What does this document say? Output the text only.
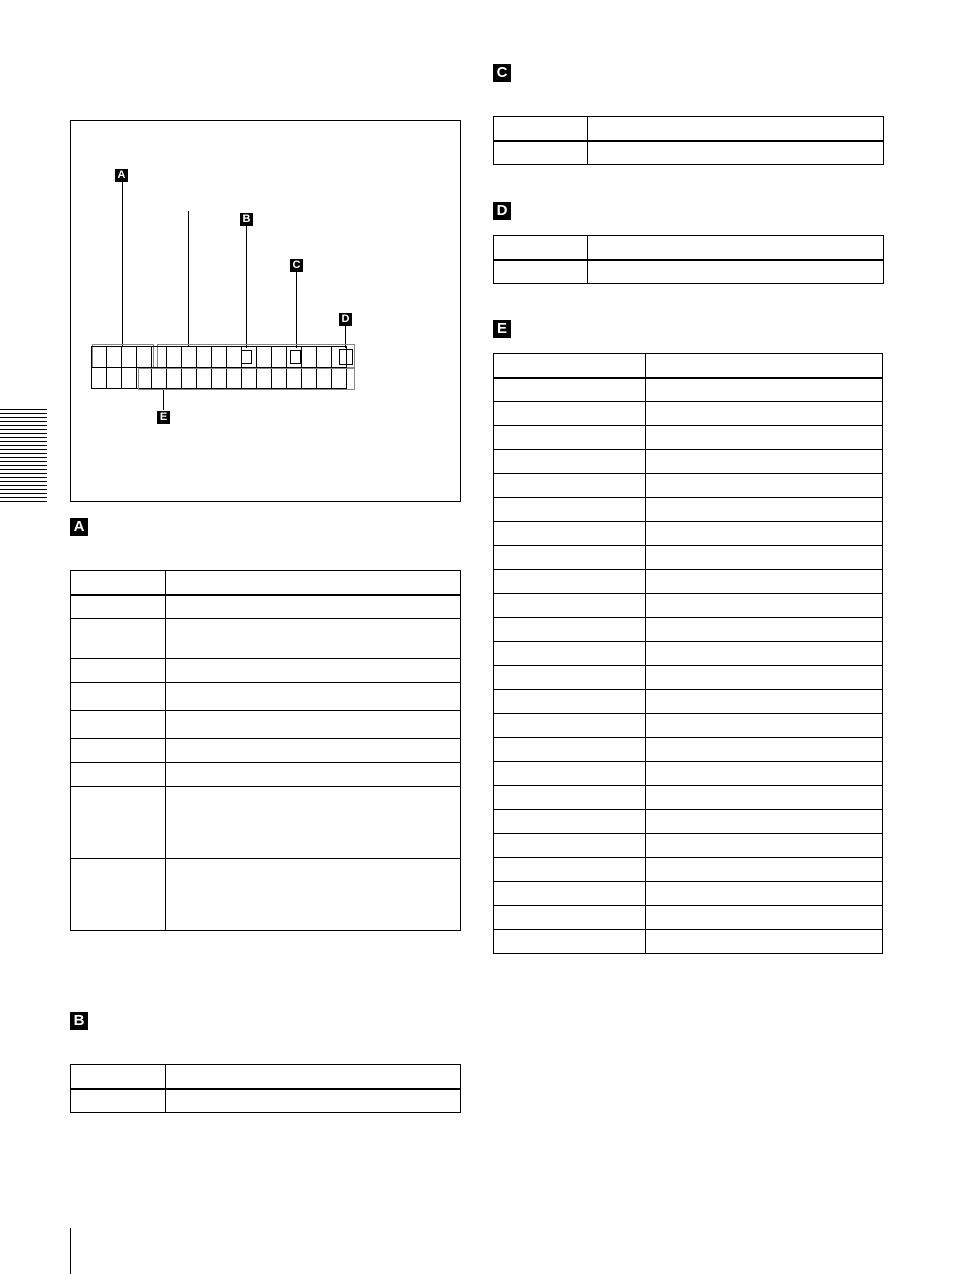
A
B
C
D
E
A

B

C

D

E
